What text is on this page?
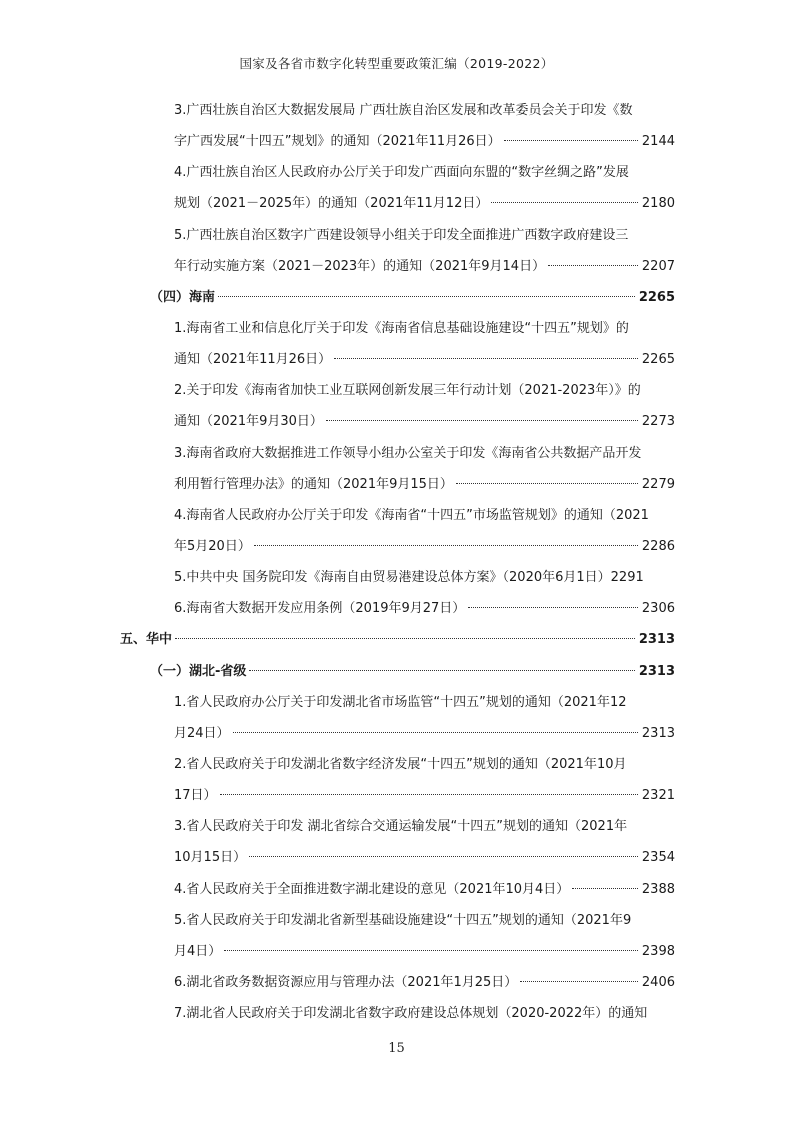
国家及各省市数字化转型重要政策汇编（2019-2022）
3.广西壮族自治区大数据发展局 广西壮族自治区发展和改革委员会关于印发《数
字广西发展“十四五”规划》的通知（2021年11月26日）	2144
4.广西壮族自治区人民政府办公厅关于印发广西面向东盟的“数字丝绸之路”发展
规划（2021－2025年）的通知（2021年11月12日）	2180
5.广西壮族自治区数字广西建设领导小组关于印发全面推进广西数字政府建设三
年行动实施方案（2021－2023年）的通知（2021年9月14日）	2207
（四）海南	2265
1.海南省工业和信息化厅关于印发《海南省信息基础设施建设“十四五”规划》的
通知（2021年11月26日）	2265
2.关于印发《海南省加快工业互联网创新发展三年行动计划（2021-2023年）》的
通知（2021年9月30日）	2273
3.海南省政府大数据推进工作领导小组办公室关于印发《海南省公共数据产品开发
利用暂行管理办法》的通知（2021年9月15日）	2279
4.海南省人民政府办公厅关于印发《海南省“十四五”市场监管规划》的通知（2021
年5月20日）	2286
5.中共中央 国务院印发《海南自由贸易港建设总体方案》（2020年6月1日）2291
6.海南省大数据开发应用条例（2019年9月27日）	2306
五、华中	2313
（一）湖北-省级	2313
1.省人民政府办公厅关于印发湖北省市场监管“十四五”规划的通知（2021年12
月24日）	2313
2.省人民政府关于印发湖北省数字经济发展“十四五”规划的通知（2021年10月
17日）	2321
3.省人民政府关于印发 湖北省综合交通运输发展“十四五”规划的通知（2021年
10月15日）	2354
4.省人民政府关于全面推进数字湖北建设的意见（2021年10月4日）	2388
5.省人民政府关于印发湖北省新型基础设施建设“十四五”规划的通知（2021年9
月4日）	2398
6.湖北省政务数据资源应用与管理办法（2021年1月25日）	2406
7.湖北省人民政府关于印发湖北省数字政府建设总体规划（2020-2022年）的通知
15
